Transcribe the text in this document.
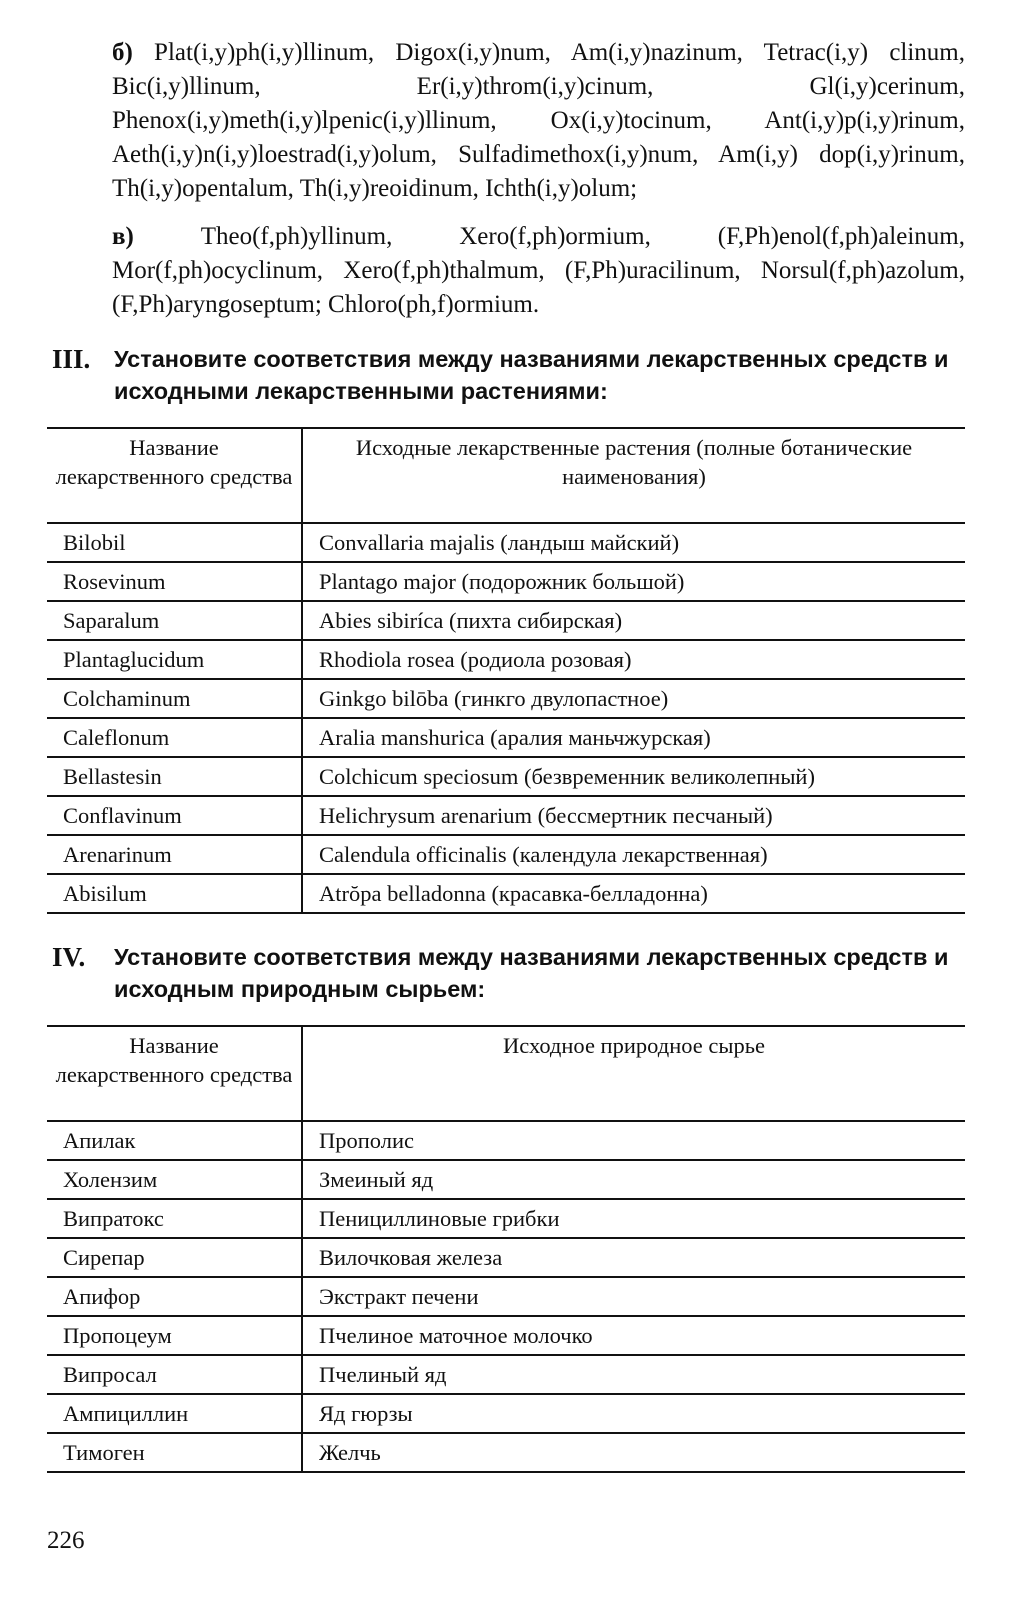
б) Plat(i,y)ph(i,y)llinum, Digox(i,y)num, Am(i,y)nazinum, Tetrac(i,y) clinum, Bic(i,y)llinum, Er(i,y)throm(i,y)cinum, Gl(i,y)cerinum, Phenox(i,y)meth(i,y)lpenic(i,y)llinum, Ox(i,y)tocinum, Ant(i,y)p(i,y)rinum, Aeth(i,y)n(i,y)loestrad(i,y)olum, Sulfadimethox(i,y)num, Am(i,y) dop(i,y)rinum, Th(i,y)opentalum, Th(i,y)reoidinum, Ichth(i,y)olum;
в)	Theo(f,ph)yllinum, Xero(f,ph)ormium, (F,Ph)enol(f,ph)aleinum, Mor(f,ph)ocyclinum, Xero(f,ph)thalmum, (F,Ph)uracilinum, Norsul(f,ph)azolum, (F,Ph)aryngoseptum; Chloro(ph,f)ormium.
III. Установите соответствия между названиями лекарственных средств и исходными лекарственными растениями:
Название лекарственного средства	Исходные лекарственные растения (полные ботанические наименования)
Bilobil	Convallaria majalis (ландыш майский)
Rosevinum	Plantago major (подорожник большой)
Saparalum	Abies sibiríca (пихта сибирская)
Plantaglucidum	Rhodiola rosea (родиола розовая)
Colchaminum	Ginkgo bilōba (гинкго двулопастное)
Caleflonum	Aralia manshurica (аралия маньчжурская)
Bellastesin	Colchicum speciosum (безвременник великолепный)
Conflavinum	Helichrysum arenarium (бессмертник песчаный)
Arenarinum	Calendula officinalis (календула лекарственная)
Abisilum	Atrŏpa belladonna (красавка-белладонна)
IV. Установите соответствия между названиями лекарственных средств и исходным природным сырьем:
Название лекарственного средства	Исходное природное сырье
Апилак	Прополис
Холензим	Змеиный яд
Випратокс	Пенициллиновые грибки
Сирепар	Вилочковая железа
Апифор	Экстракт печени
Пропоцеум	Пчелиное маточное молочко
Випросал	Пчелиный яд
Ампициллин	Яд гюрзы
Тимоген	Желчь
226
